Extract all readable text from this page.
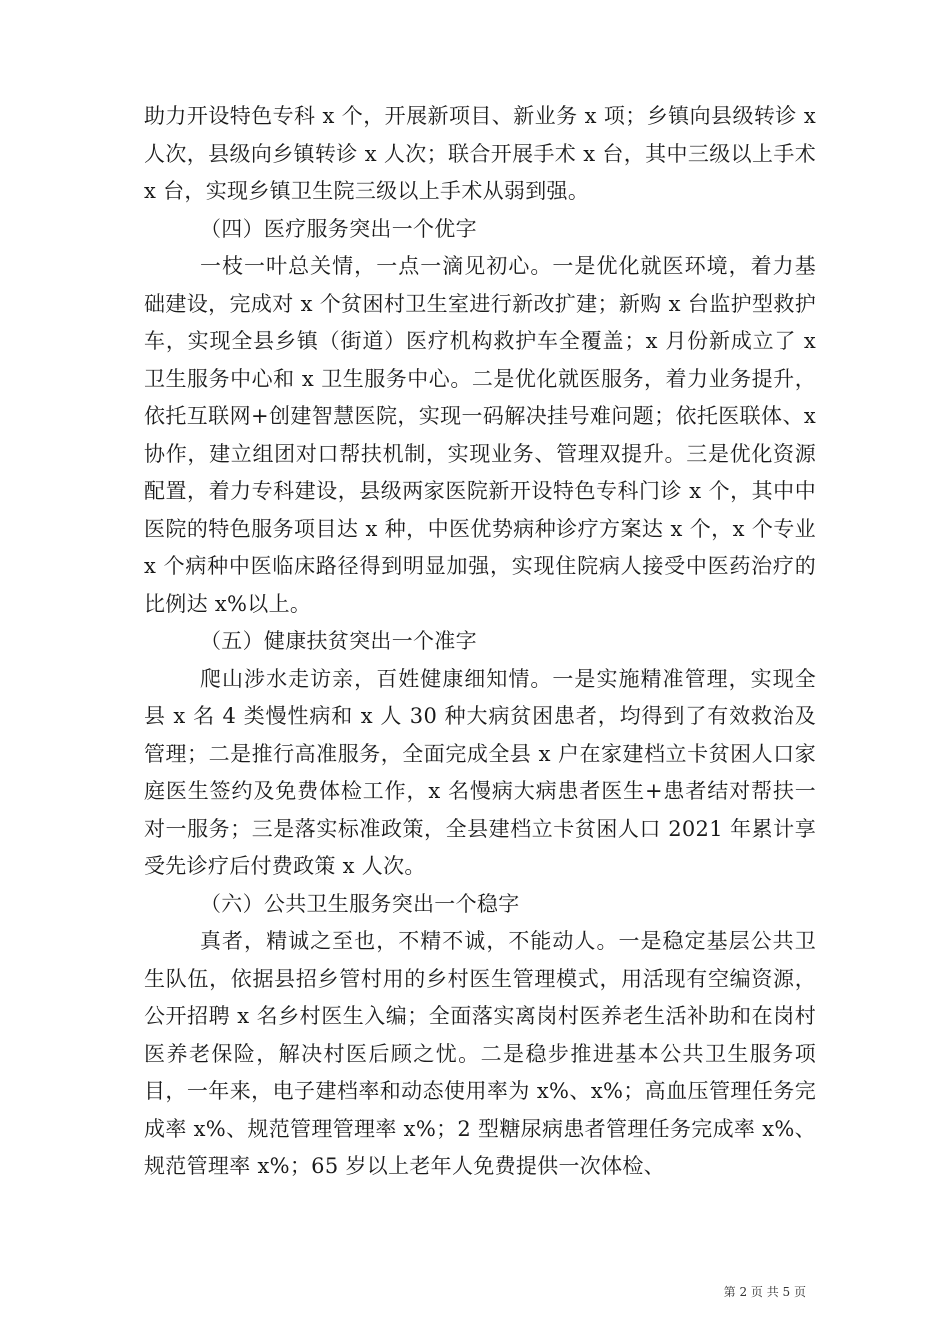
助力开设特色专科 x 个，开展新项目、新业务 x 项；乡镇向县级转诊 x 人次，县级向乡镇转诊 x 人次；联合开展手术 x 台，其中三级以上手术 x 台，实现乡镇卫生院三级以上手术从弱到强。

（四）医疗服务突出一个优字

一枝一叶总关情，一点一滴见初心。一是优化就医环境，着力基础建设，完成对 x 个贫困村卫生室进行新改扩建；新购 x 台监护型救护车，实现全县乡镇（街道）医疗机构救护车全覆盖；x 月份新成立了 x 卫生服务中心和 x 卫生服务中心。二是优化就医服务，着力业务提升，依托互联网+创建智慧医院，实现一码解决挂号难问题；依托医联体、x 协作，建立组团对口帮扶机制，实现业务、管理双提升。三是优化资源配置，着力专科建设，县级两家医院新开设特色专科门诊 x 个，其中中医院的特色服务项目达 x 种，中医优势病种诊疗方案达 x 个，x 个专业 x 个病种中医临床路径得到明显加强，实现住院病人接受中医药治疗的比例达 x%以上。

（五）健康扶贫突出一个准字

爬山涉水走访亲，百姓健康细知情。一是实施精准管理，实现全县 x 名 4 类慢性病和 x 人 30 种大病贫困患者，均得到了有效救治及管理；二是推行高准服务，全面完成全县 x 户在家建档立卡贫困人口家庭医生签约及免费体检工作，x 名慢病大病患者医生+患者结对帮扶一对一服务；三是落实标准政策，全县建档立卡贫困人口 2021 年累计享受先诊疗后付费政策 x 人次。

（六）公共卫生服务突出一个稳字

真者，精诚之至也，不精不诚，不能动人。一是稳定基层公共卫生队伍，依据县招乡管村用的乡村医生管理模式，用活现有空编资源，公开招聘 x 名乡村医生入编；全面落实离岗村医养老生活补助和在岗村医养老保险，解决村医后顾之忧。二是稳步推进基本公共卫生服务项目，一年来，电子建档率和动态使用率为 x%、x%；高血压管理任务完成率 x%、规范管理管理率 x%；2 型糖尿病患者管理任务完成率 x%、规范管理率 x%；65 岁以上老年人免费提供一次体检、

第 2 页 共 5 页
